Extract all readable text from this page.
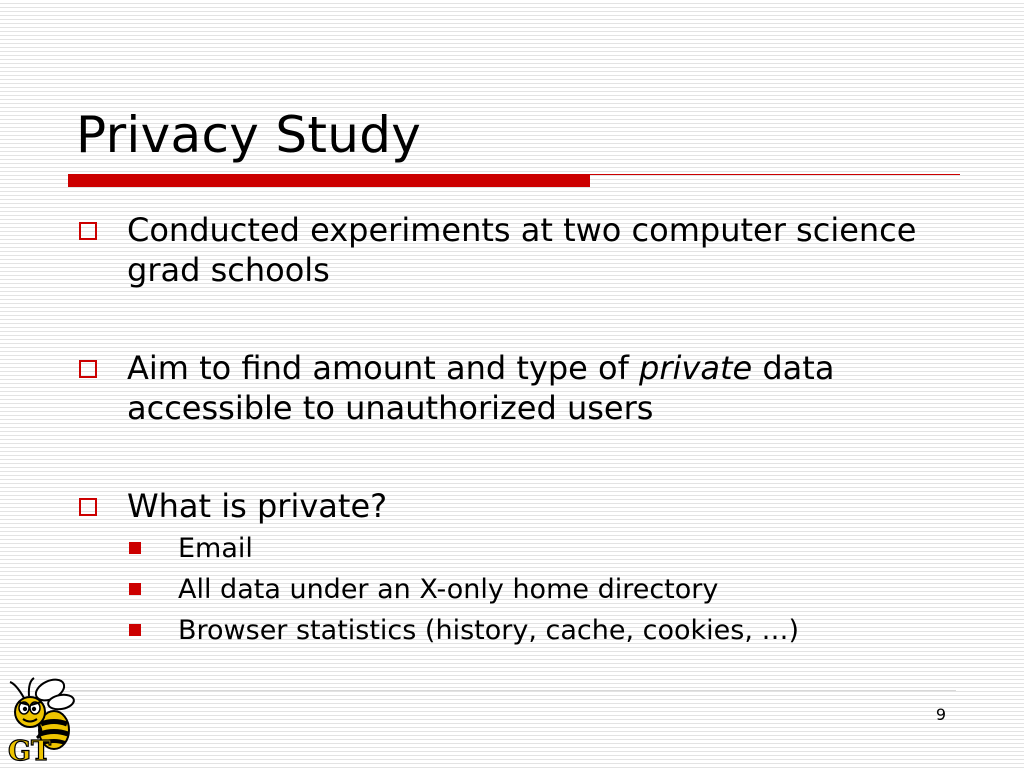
Privacy Study
Conducted experiments at two computer science grad schools
Aim to find amount and type of private data accessible to unauthorized users
What is private?
Email
All data under an X-only home directory
Browser statistics (history, cache, cookies, …)
9
GT
